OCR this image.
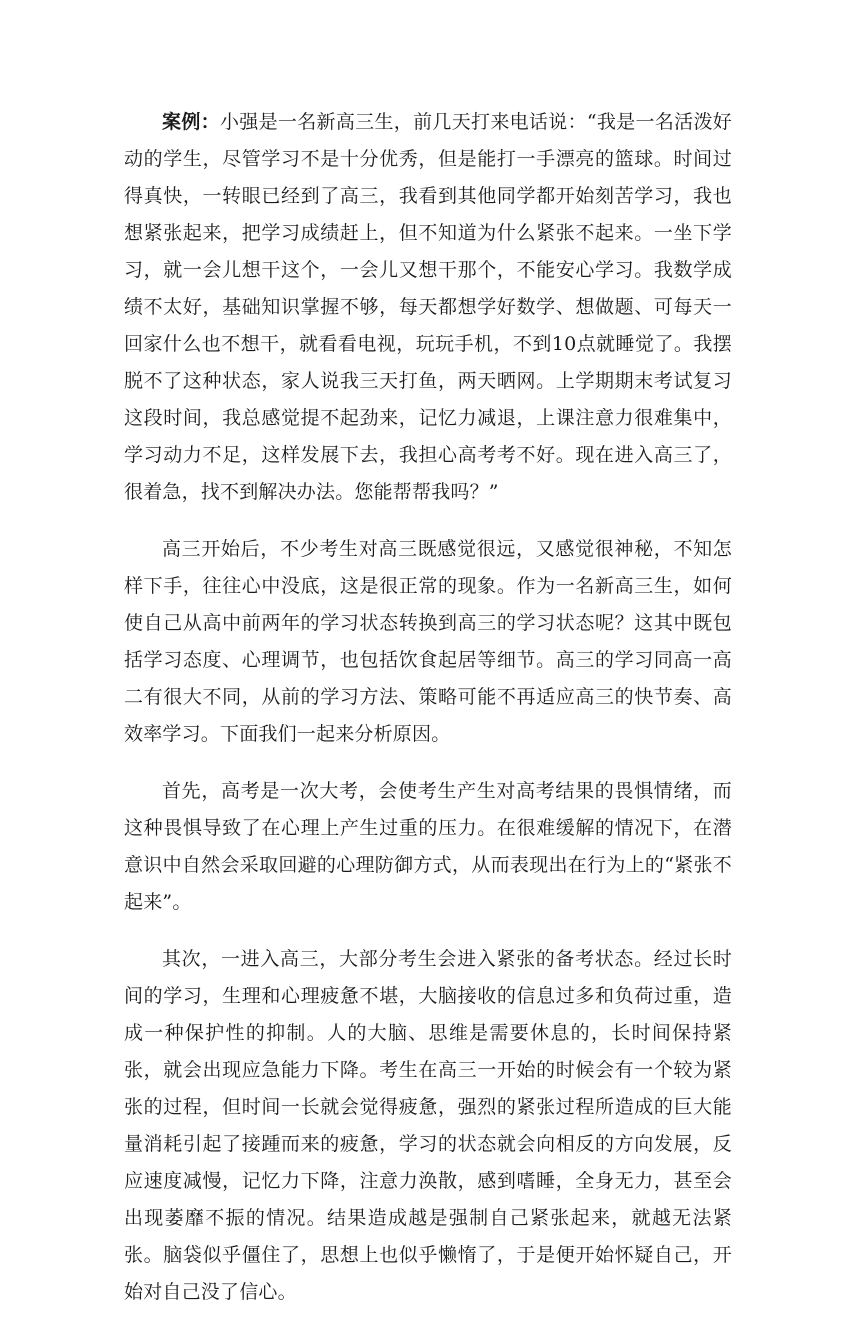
案例：小强是一名新高三生，前几天打来电话说：“我是一名活泼好动的学生，尽管学习不是十分优秀，但是能打一手漂亮的篮球。时间过得真快，一转眼已经到了高三，我看到其他同学都开始刻苦学习，我也想紧张起来，把学习成绩赶上，但不知道为什么紧张不起来。一坐下学习，就一会儿想干这个，一会儿又想干那个，不能安心学习。我数学成绩不太好，基础知识掌握不够，每天都想学好数学、想做题、可每天一回家什么也不想干，就看看电视，玩玩手机，不到10点就睡觉了。我摆脱不了这种状态，家人说我三天打鱼，两天晒网。上学期期末考试复习这段时间，我总感觉提不起劲来，记忆力减退，上课注意力很难集中，学习动力不足，这样发展下去，我担心高考考不好。现在进入高三了，很着急，找不到解决办法。您能帮帮我吗？”

高三开始后，不少考生对高三既感觉很远，又感觉很神秘，不知怎样下手，往往心中没底，这是很正常的现象。作为一名新高三生，如何使自己从高中前两年的学习状态转换到高三的学习状态呢？这其中既包括学习态度、心理调节，也包括饮食起居等细节。高三的学习同高一高二有很大不同，从前的学习方法、策略可能不再适应高三的快节奏、高效率学习。下面我们一起来分析原因。

首先，高考是一次大考，会使考生产生对高考结果的畏惧情绪，而这种畏惧导致了在心理上产生过重的压力。在很难缓解的情况下，在潜意识中自然会采取回避的心理防御方式，从而表现出在行为上的“紧张不起来”。

其次，一进入高三，大部分考生会进入紧张的备考状态。经过长时间的学习，生理和心理疲惫不堪，大脑接收的信息过多和负荷过重，造成一种保护性的抑制。人的大脑、思维是需要休息的，长时间保持紧张，就会出现应急能力下降。考生在高三一开始的时候会有一个较为紧张的过程，但时间一长就会觉得疲惫，强烈的紧张过程所造成的巨大能量消耗引起了接踵而来的疲惫，学习的状态就会向相反的方向发展，反应速度减慢，记忆力下降，注意力涣散，感到嗜睡，全身无力，甚至会出现萎靡不振的情况。结果造成越是强制自己紧张起来，就越无法紧张。脑袋似乎僵住了，思想上也似乎懒惰了，于是便开始怀疑自己，开始对自己没了信心。
